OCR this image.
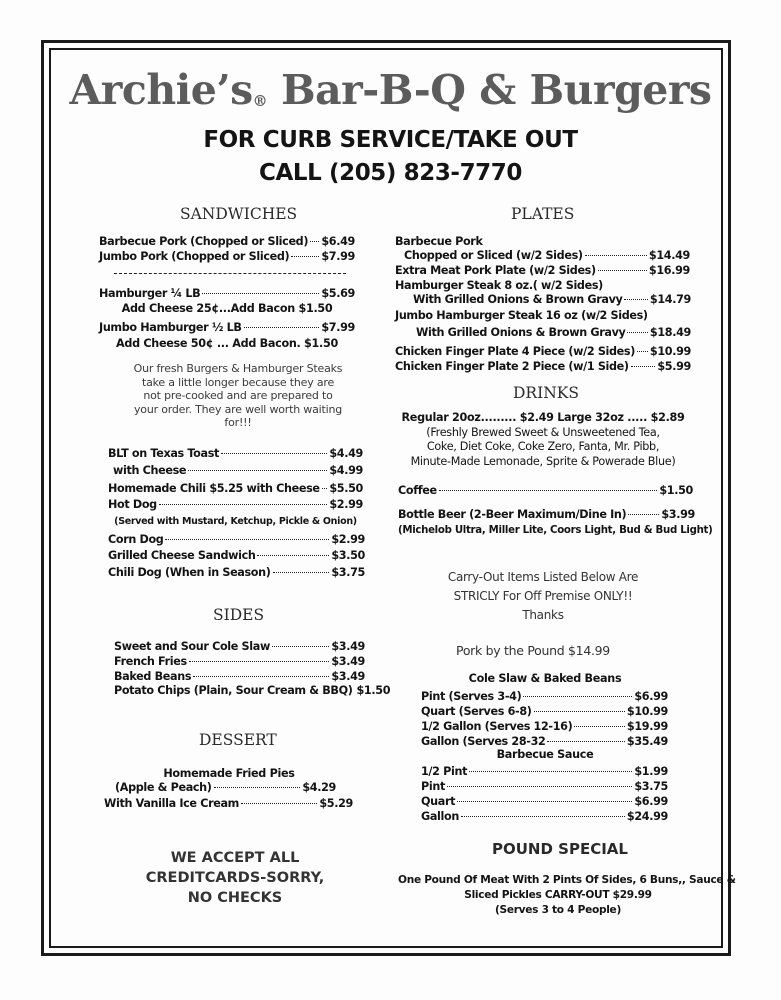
Archie’s® Bar-B-Q & Burgers
FOR CURB SERVICE/TAKE OUT
CALL (205) 823-7770
SANDWICHES
Barbecue Pork (Chopped or Sliced) $6.49
Jumbo Pork (Chopped or Sliced)	$7.99
Hamburger ¼ LB	$5.69
Add Cheese 25¢...Add Bacon $1.50
Jumbo Hamburger ½ LB	$7.99
Add Cheese 50¢ ... Add Bacon. $1.50
Our fresh Burgers & Hamburger Steaks take a little longer because they are not pre-cooked and are prepared to your order. They are well worth waiting for!!!
BLT on Texas Toast	$4.49
with Cheese	$4.99
Homemade Chili $5.25 with Cheese $5.50
Hot Dog	$2.99
(Served with Mustard, Ketchup, Pickle & Onion)
Corn Dog	$2.99
Grilled Cheese Sandwich	$3.50
Chili Dog (When in Season)	$3.75
SIDES
Sweet and Sour Cole Slaw	$3.49
French Fries	$3.49
Baked Beans	$3.49
Potato Chips (Plain, Sour Cream & BBQ) $1.50
DESSERT
Homemade Fried Pies
(Apple & Peach)	$4.29
With Vanilla Ice Cream	$5.29
WE ACCEPT ALL
CREDITCARDS-SORRY,
NO CHECKS
PLATES
Barbecue Pork
Chopped or Sliced (w/2 Sides)	$14.49
Extra Meat Pork Plate (w/2 Sides)	$16.99
Hamburger Steak 8 oz.( w/2 Sides)
With Grilled Onions & Brown Gravy $14.79
Jumbo Hamburger Steak 16 oz (w/2 Sides)
With Grilled Onions & Brown Gravy $18.49
Chicken Finger Plate 4 Piece (w/2 Sides) $10.99
Chicken Finger Plate 2 Piece (w/1 Side)	$5.99
DRINKS
Regular 20oz......... $2.49 Large 32oz ..... $2.89
(Freshly Brewed Sweet & Unsweetened Tea,
Coke, Diet Coke, Coke Zero, Fanta, Mr. Pibb,
Minute-Made Lemonade, Sprite & Powerade Blue)
Coffee	$1.50
Bottle Beer (2-Beer Maximum/Dine In)	$3.99
(Michelob Ultra, Miller Lite, Coors Light, Bud & Bud Light)
Carry-Out Items Listed Below Are
STRICLY For Off Premise ONLY!!
Thanks
Pork by the Pound $14.99
Cole Slaw & Baked Beans
Pint (Serves 3-4)	$6.99
Quart (Serves 6-8)	$10.99
1/2 Gallon (Serves 12-16)	$19.99
Gallon (Serves 28-32	$35.49
Barbecue Sauce
1/2 Pint	$1.99
Pint	$3.75
Quart	$6.99
Gallon	$24.99
POUND SPECIAL
One Pound Of Meat With 2 Pints Of Sides, 6 Buns,, Sauce &
Sliced Pickles CARRY-OUT $29.99
(Serves 3 to 4 People)
